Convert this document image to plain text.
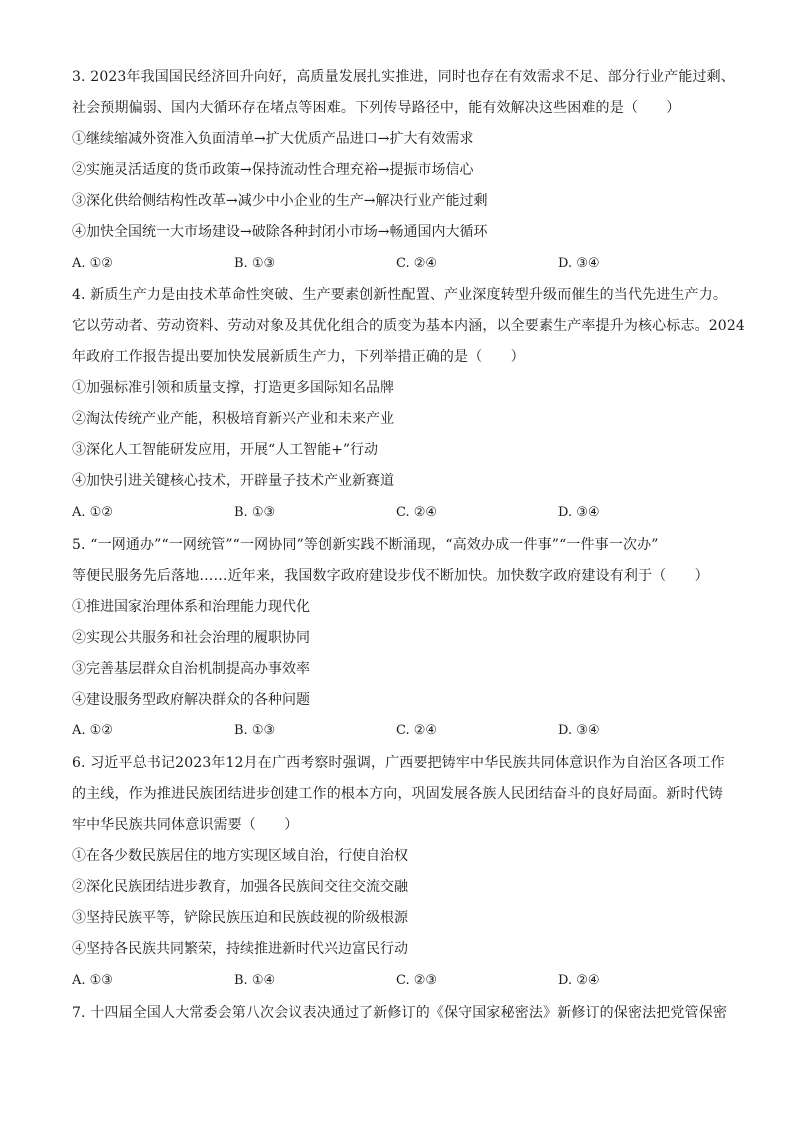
3. 2023年我国国民经济回升向好，高质量发展扎实推进，同时也存在有效需求不足、部分行业产能过剩、
社会预期偏弱、国内大循环存在堵点等困难。下列传导路径中，能有效解决这些困难的是（　　）
①继续缩减外资准入负面清单→扩大优质产品进口→扩大有效需求
②实施灵活适度的货币政策→保持流动性合理充裕→提振市场信心
③深化供给侧结构性改革→减少中小企业的生产→解决行业产能过剩
④加快全国统一大市场建设→破除各种封闭小市场→畅通国内大循环
A. ①②	B. ①③	C. ②④	D. ③④
4. 新质生产力是由技术革命性突破、生产要素创新性配置、产业深度转型升级而催生的当代先进生产力。
它以劳动者、劳动资料、劳动对象及其优化组合的质变为基本内涵，以全要素生产率提升为核心标志。2024
年政府工作报告提出要加快发展新质生产力，下列举措正确的是（　　）
①加强标准引领和质量支撑，打造更多国际知名品牌
②淘汰传统产业产能，积极培育新兴产业和未来产业
③深化人工智能研发应用，开展“人工智能+”行动
④加快引进关键核心技术，开辟量子技术产业新赛道
A. ①②	B. ①③	C. ②④	D. ③④
5. “一网通办”“一网统管”“一网协同”等创新实践不断涌现，“高效办成一件事”“一件事一次办”
等便民服务先后落地……近年来，我国数字政府建设步伐不断加快。加快数字政府建设有利于（　　）
①推进国家治理体系和治理能力现代化
②实现公共服务和社会治理的履职协同
③完善基层群众自治机制提高办事效率
④建设服务型政府解决群众的各种问题
A. ①②	B. ①③	C. ②④	D. ③④
6. 习近平总书记2023年12月在广西考察时强调，广西要把铸牢中华民族共同体意识作为自治区各项工作
的主线，作为推进民族团结进步创建工作的根本方向，巩固发展各族人民团结奋斗的良好局面。新时代铸
牢中华民族共同体意识需要（　　）
①在各少数民族居住的地方实现区域自治，行使自治权
②深化民族团结进步教育，加强各民族间交往交流交融
③坚持民族平等，铲除民族压迫和民族歧视的阶级根源
④坚持各民族共同繁荣，持续推进新时代兴边富民行动
A. ①③	B. ①④	C. ②③	D. ②④
7. 十四届全国人大常委会第八次会议表决通过了新修订的《保守国家秘密法》新修订的保密法把党管保密
